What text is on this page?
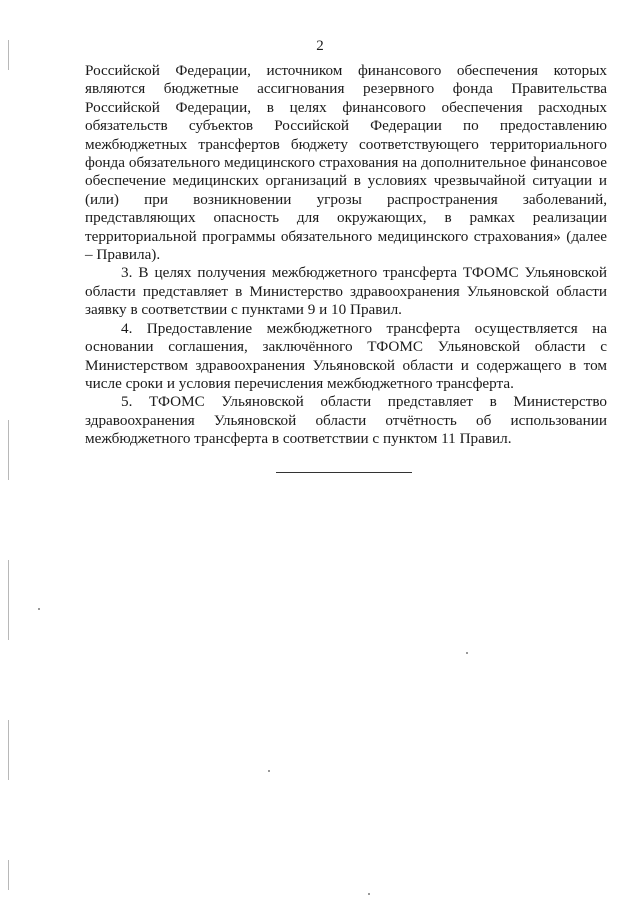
2

Российской Федерации, источником финансового обеспечения которых являются бюджетные ассигнования резервного фонда Правительства Российской Федерации, в целях финансового обеспечения расходных обязательств субъектов Российской Федерации по предоставлению межбюджетных трансфертов бюджету соответствующего территориального фонда обязательного медицинского страхования на дополнительное финансовое обеспечение медицинских организаций в условиях чрезвычайной ситуации и (или) при возникновении угрозы распространения заболеваний, представляющих опасность для окружающих, в рамках реализации территориальной программы обязательного медицинского страхования» (далее – Правила).

3. В целях получения межбюджетного трансферта ТФОМС Ульяновской области представляет в Министерство здравоохранения Ульяновской области заявку в соответствии с пунктами 9 и 10 Правил.

4. Предоставление межбюджетного трансферта осуществляется на основании соглашения, заключённого ТФОМС Ульяновской области с Министерством здравоохранения Ульяновской области и содержащего в том числе сроки и условия перечисления межбюджетного трансферта.

5. ТФОМС Ульяновской области представляет в Министерство здравоохранения Ульяновской области отчётность об использовании межбюджетного трансферта в соответствии с пунктом 11 Правил.
